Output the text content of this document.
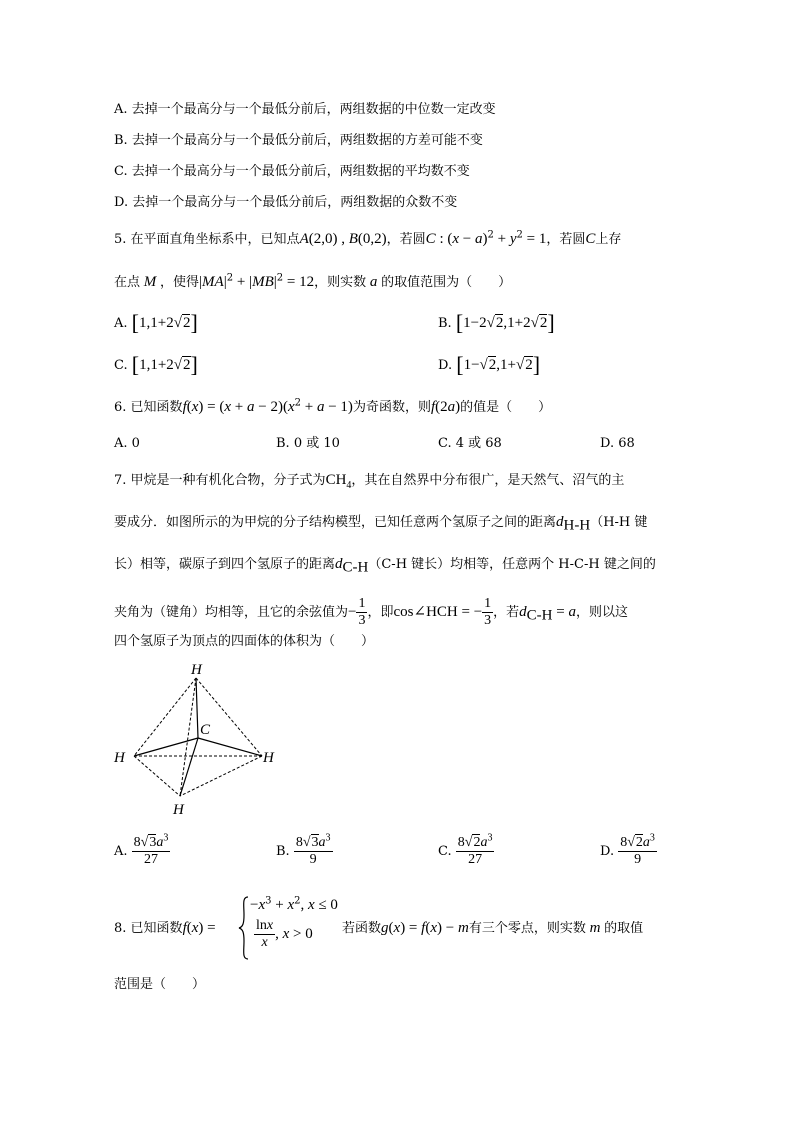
A. 去掉一个最高分与一个最低分前后，两组数据的中位数一定改变
B. 去掉一个最高分与一个最低分前后，两组数据的方差可能不变
C. 去掉一个最高分与一个最低分前后，两组数据的平均数不变
D. 去掉一个最高分与一个最低分前后，两组数据的众数不变
5. 在平面直角坐标系中，已知点A(2,0) , B(0,2)，若圆C : $(x - a)^2 + y^2 = 1$，若圆C上存
在点 M ，使得$|MA|^2 + |MB|^2 = 12$，则实数 a 的取值范围为（　　）
A. [1,1+2√2]	B. [1−2√2,1+2√2]
C. [1,1+2√2]	D. [1−√2,1+√2]
6. 已知函数$f(x) = (x + a - 2)(x^2 + a - 1)$为奇函数，则f(2a)的值是（　　）
A. 0	B. 0 或 10	C. 4 或 68	D. 68
7. 甲烷是一种有机化合物，分子式为$CH_4$，其在自然界中分布很广，是天然气、沼气的主
要成分．如图所示的为甲烷的分子结构模型，已知任意两个氢原子之间的距离$d_{H-H}(H-H$ 键
长）相等，碳原子到四个氢原子的距离$d_{C-H}(C-H$ 键长）均相等，任意两个 H-C-H 键之间的
夹角为（键角）均相等，且它的余弦值为− $\frac{1}{3}$ ，即cos∠HCH = − $\frac{1}{3}$ ，若$d_{C-H} = a$，则以这
四个氢原子为顶点的四面体的体积为（　　）
H
C
H	H
H
A. $\frac{8√3a^3}{27}$	B. $\frac{8√3a^3}{9}$	C. $\frac{8√2a^3}{27}$	D. $\frac{8√2a^3}{9}$
8. 已知函数f(x) =
$-x^3 + x^2$, x ≤ 0
$\frac{\ln x}{x}$ , x > 0 若函数g(x) = f(x) − m有三个零点，则实数 m 的取值
范围是（　　）
